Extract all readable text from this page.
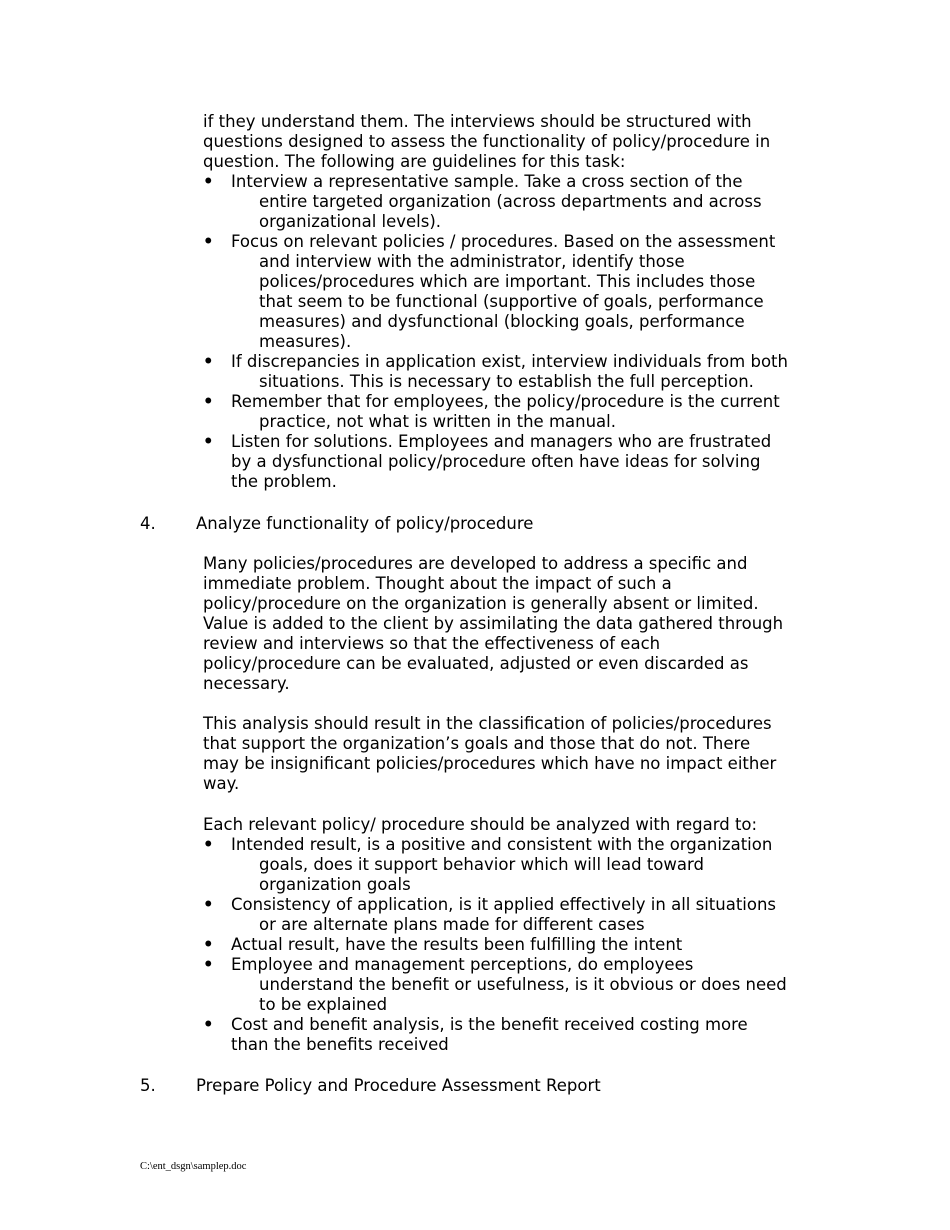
if they understand them. The interviews should be structured with
questions designed to assess the functionality of policy/procedure in
question. The following are guidelines for this task:

• Interview a representative sample. Take a cross section of the
entire targeted organization (across departments and across
organizational levels).
• Focus on relevant policies / procedures. Based on the assessment
and interview with the administrator, identify those
polices/procedures which are important. This includes those
that seem to be functional (supportive of goals, performance
measures) and dysfunctional (blocking goals, performance
measures).
• If discrepancies in application exist, interview individuals from both
situations. This is necessary to establish the full perception.
• Remember that for employees, the policy/procedure is the current
practice, not what is written in the manual.
• Listen for solutions. Employees and managers who are frustrated
by a dysfunctional policy/procedure often have ideas for solving
the problem.
4. Analyze functionality of policy/procedure

Many policies/procedures are developed to address a specific and
immediate problem. Thought about the impact of such a
policy/procedure on the organization is generally absent or limited.
Value is added to the client by assimilating the data gathered through
review and interviews so that the effectiveness of each
policy/procedure can be evaluated, adjusted or even discarded as
necessary.

This analysis should result in the classification of policies/procedures
that support the organization’s goals and those that do not. There
may be insignificant policies/procedures which have no impact either
way.

Each relevant policy/ procedure should be analyzed with regard to:

• Intended result, is a positive and consistent with the organization
goals, does it support behavior which will lead toward
organization goals
• Consistency of application, is it applied effectively in all situations
or are alternate plans made for different cases
• Actual result, have the results been fulfilling the intent
• Employee and management perceptions, do employees
understand the benefit or usefulness, is it obvious or does need
to be explained
• Cost and benefit analysis, is the benefit received costing more
than the benefits received
5. Prepare Policy and Procedure Assessment Report
C:\ent_dsgn\samplep.doc
